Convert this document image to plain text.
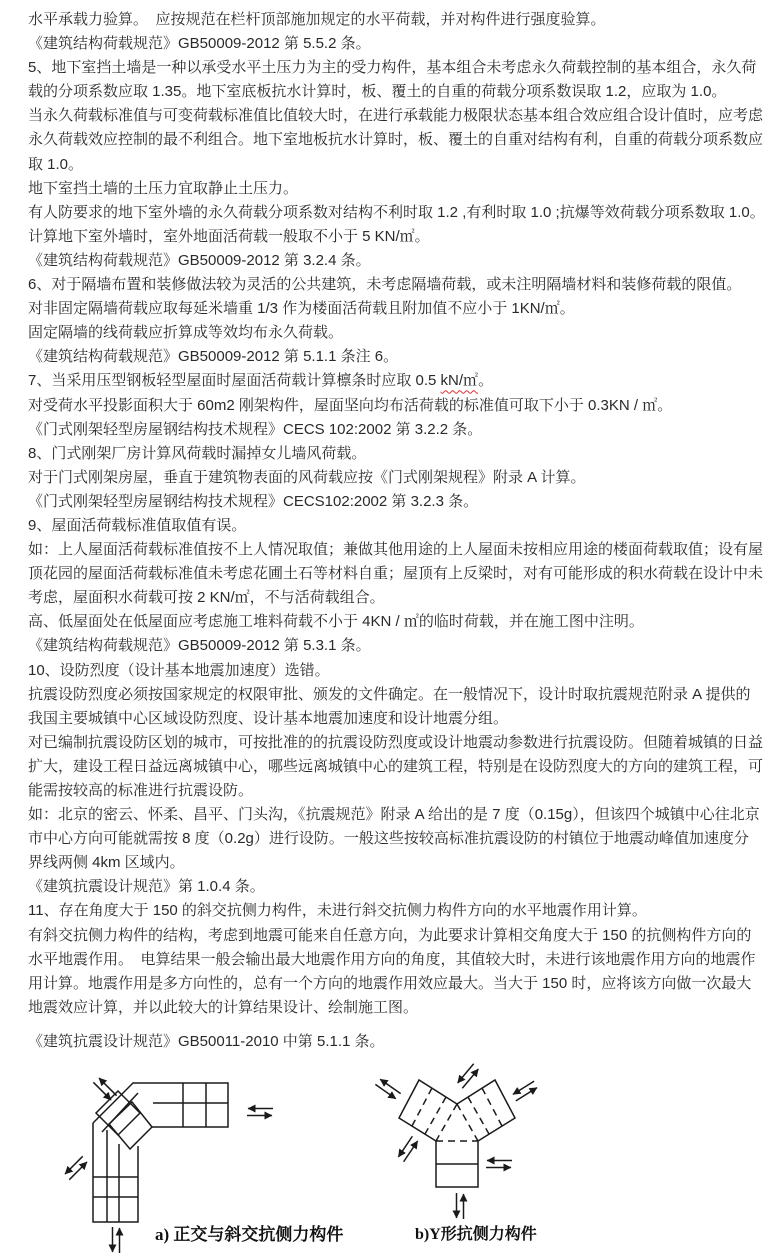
水平承载力验算。　应按规范在栏杆顶部施加规定的水平荷载，并对构件进行强度验算。
《建筑结构荷载规范》GB50009-2012 第 5.5.2 条。
5、地下室挡土墙是一种以承受水平土压力为主的受力构件，基本组合未考虑永久荷载控制的基本组合，永久荷
载的分项系数应取 1.35。地下室底板抗水计算时，板、覆土的自重的荷载分项系数误取 1.2，应取为 1.0。
当永久荷载标准值与可变荷载标准值比值较大时，在进行承载能力极限状态基本组合效应组合设计值时，应考虑
永久荷载效应控制的最不利组合。地下室地板抗水计算时，板、覆土的自重对结构有利，自重的荷载分项系数应
取 1.0。
地下室挡土墙的土压力宜取静止土压力。
有人防要求的地下室外墙的永久荷载分项系数对结构不利时取 1.2 ,有利时取 1.0 ;抗爆等效荷载分项系数取 1.0。
计算地下室外墙时，室外地面活荷载一般取不小于 5 KN/㎡。
《建筑结构荷载规范》GB50009-2012 第 3.2.4 条。
6、对于隔墙布置和装修做法较为灵活的公共建筑，未考虑隔墙荷载，或未注明隔墙材料和装修荷载的限值。
对非固定隔墙荷载应取每延米墙重 1/3 作为楼面活荷载且附加值不应小于 1KN/㎡。
固定隔墙的线荷载应折算成等效均布永久荷载。
《建筑结构荷载规范》GB50009-2012 第 5.1.1 条注 6。
7、当采用压型钢板轻型屋面时屋面活荷载计算檩条时应取 0.5 kN/㎡。
对受荷水平投影面积大于 60m2 刚架构件，屋面坚向均布活荷载的标准值可取下小于 0.3KN / ㎡。
《门式刚架轻型房屋钢结构技术规程》CECS 102:2002 第 3.2.2 条。
8、门式刚架厂房计算风荷载时漏掉女儿墙风荷载。
对于门式刚架房屋，垂直于建筑物表面的风荷载应按《门式刚架规程》附录 A 计算。
《门式刚架轻型房屋钢结构技术规程》CECS102:2002 第 3.2.3 条。
9、屋面活荷载标准值取值有误。
如：上人屋面活荷载标准值按不上人情况取值；兼做其他用途的上人屋面未按相应用途的楼面荷载取值；设有屋
顶花园的屋面活荷载标准值未考虑花圃土石等材料自重；屋顶有上反梁时，对有可能形成的积水荷载在设计中未
考虑，屋面积水荷载可按 2 KN/㎡，不与活荷载组合。
高、低屋面处在低屋面应考虑施工堆料荷载不小于 4KN / ㎡的临时荷载，并在施工图中注明。
《建筑结构荷载规范》GB50009-2012 第 5.3.1 条。
10、设防烈度（设计基本地震加速度）选错。
抗震设防烈度必须按国家规定的权限审批、颁发的文件确定。在一般情况下，设计时取抗震规范附录 A 提供的
我国主要城镇中心区域设防烈度、设计基本地震加速度和设计地震分组。
对已编制抗震设防区划的城市，可按批准的的抗震设防烈度或设计地震动参数进行抗震设防。但随着城镇的日益
扩大，建设工程日益远离城镇中心，哪些远离城镇中心的建筑工程，特别是在设防烈度大的方向的建筑工程，可
能需按较高的标准进行抗震设防。
如：北京的密云、怀柔、昌平、门头沟，《抗震规范》附录 A 给出的是 7 度（0.15g），但该四个城镇中心往北京
市中心方向可能就需按 8 度（0.2g）进行设防。一般这些按较高标准抗震设防的村镇位于地震动峰值加速度分
界线两侧 4km 区域内。
《建筑抗震设计规范》第 1.0.4 条。
11、存在角度大于 150 的斜交抗侧力构件，未进行斜交抗侧力构件方向的水平地震作用计算。
有斜交抗侧力构件的结构，考虑到地震可能来自任意方向，为此要求计算相交角度大于 150 的抗侧构件方向的
水平地震作用。　电算结果一般会输出最大地震作用方向的角度，其值较大时，未进行该地震作用方向的地震作
用计算。地震作用是多方向性的，总有一个方向的地震作用效应最大。当大于 150 时，应将该方向做一次最大
地震效应计算，并以此较大的计算结果设计、绘制施工图。
《建筑抗震设计规范》GB50011-2010 中第 5.1.1 条。
a) 正交与斜交抗侧力构件	b)Y形抗侧力构件
